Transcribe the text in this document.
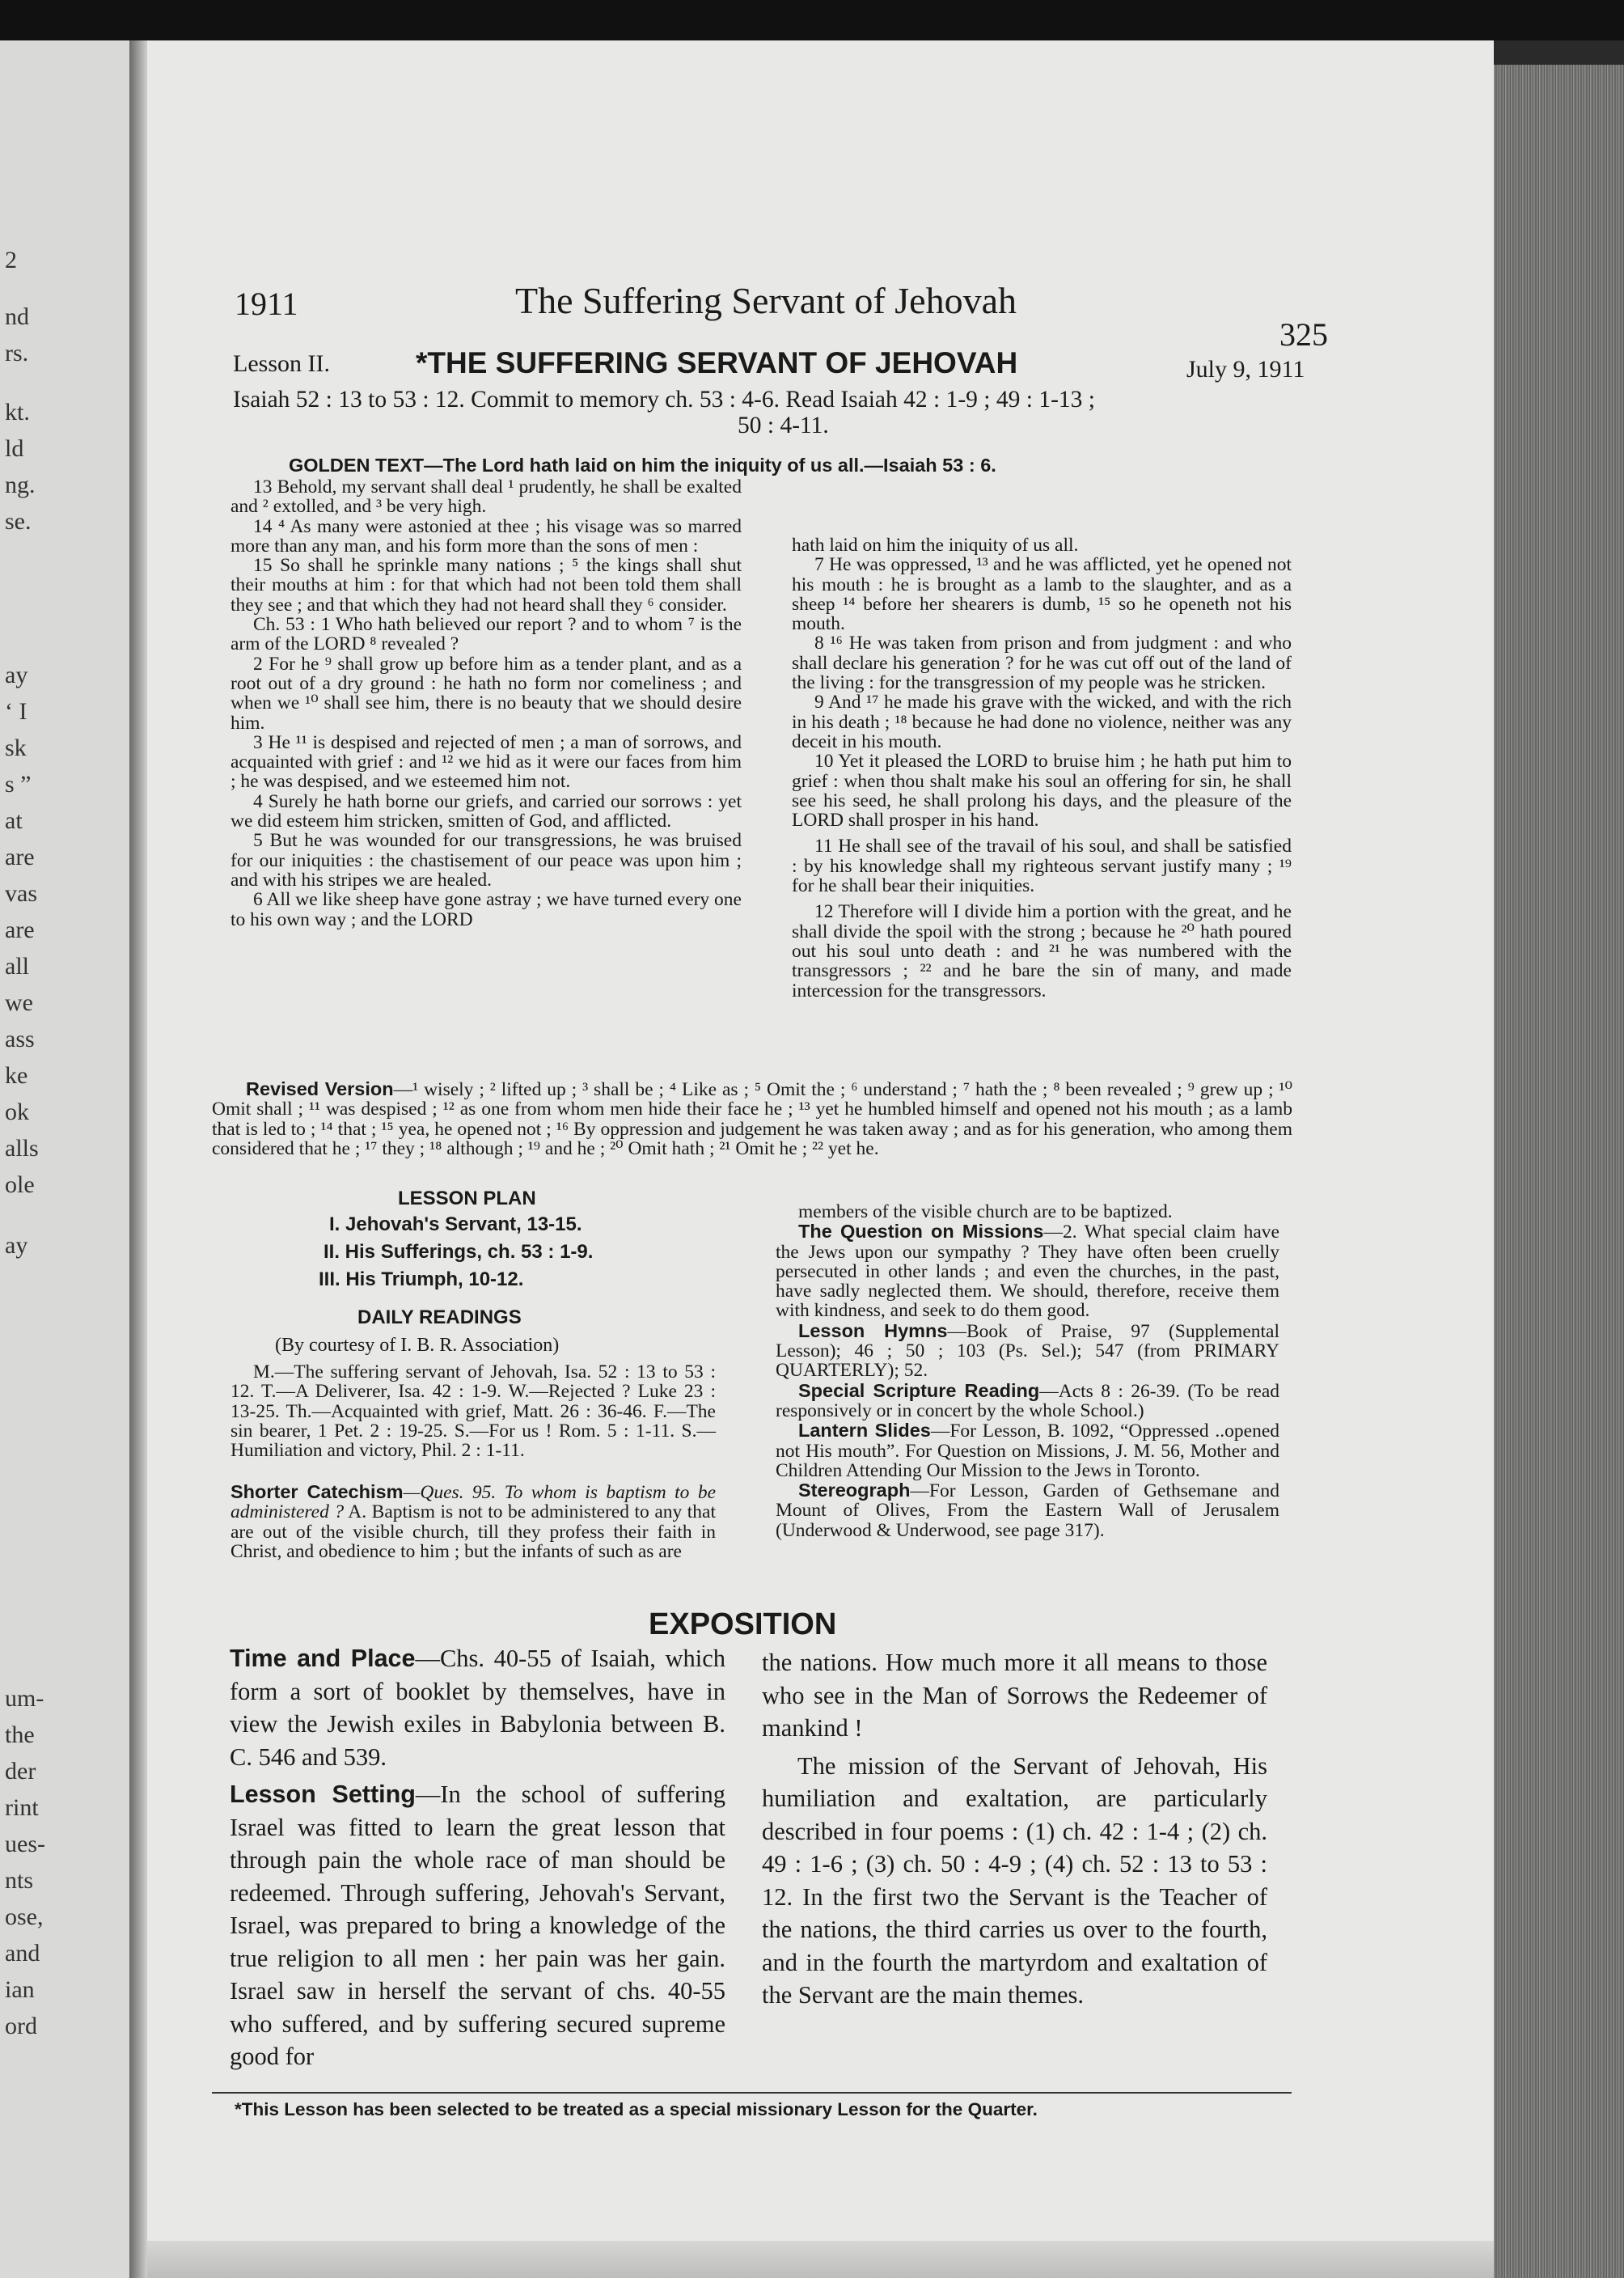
2
nd
rs.
kt.
ld
ng.
se.
ay
‘ I
sk
s ”
at
are
vas
are
all
we
ass
ke
ok
alls
ole
ay
um-
the
der
rint
ues-
nts
ose,
and
ian
ord
1911	The Suffering Servant of Jehovah
325
Lesson II.	*THE SUFFERING SERVANT OF JEHOVAH	July 9, 1911
Isaiah 52 : 13 to 53 : 12. Commit to memory ch. 53 : 4-6. Read Isaiah 42 : 1-9 ; 49 : 1-13 ;
50 : 4-11.
GOLDEN TEXT—The Lord hath laid on him the iniquity of us all.—Isaiah 53 : 6.

13 Behold, my servant shall deal ¹ prudently, he shall be exalted and ² extolled, and ³ be very high.

14 ⁴ As many were astonied at thee ; his visage was so marred more than any man, and his form more than the sons of men :

15 So shall he sprinkle many nations ; ⁵ the kings shall shut their mouths at him : for that which had not been told them shall they see ; and that which they had not heard shall they ⁶ consider.

Ch. 53 : 1 Who hath believed our report ? and to whom ⁷ is the arm of the LORD ⁸ revealed ?

2 For he ⁹ shall grow up before him as a tender plant, and as a root out of a dry ground : he hath no form nor comeliness ; and when we ¹⁰ shall see him, there is no beauty that we should desire him.

3 He ¹¹ is despised and rejected of men ; a man of sorrows, and acquainted with grief : and ¹² we hid as it were our faces from him ; he was despised, and we esteemed him not.

4 Surely he hath borne our griefs, and carried our sorrows : yet we did esteem him stricken, smitten of God, and afflicted.

5 But he was wounded for our transgressions, he was bruised for our iniquities : the chastisement of our peace was upon him ; and with his stripes we are healed.

6 All we like sheep have gone astray ; we have turned every one to his own way ; and the LORD

hath laid on him the iniquity of us all.

7 He was oppressed, ¹³ and he was afflicted, yet he opened not his mouth : he is brought as a lamb to the slaughter, and as a sheep ¹⁴ before her shearers is dumb, ¹⁵ so he openeth not his mouth.

8 ¹⁶ He was taken from prison and from judgment : and who shall declare his generation ? for he was cut off out of the land of the living : for the transgression of my people was he stricken.

9 And ¹⁷ he made his grave with the wicked, and with the rich in his death ; ¹⁸ because he had done no violence, neither was any deceit in his mouth.

10 Yet it pleased the LORD to bruise him ; he hath put him to grief : when thou shalt make his soul an offering for sin, he shall see his seed, he shall prolong his days, and the pleasure of the LORD shall prosper in his hand.

11 He shall see of the travail of his soul, and shall be satisfied : by his knowledge shall my righteous servant justify many ; ¹⁹ for he shall bear their iniquities.

12 Therefore will I divide him a portion with the great, and he shall divide the spoil with the strong ; because he ²⁰ hath poured out his soul unto death : and ²¹ he was numbered with the transgressors ; ²² and he bare the sin of many, and made intercession for the transgressors.

Revised Version—¹ wisely ; ² lifted up ; ³ shall be ; ⁴ Like as ; ⁵ Omit the ; ⁶ understand ; ⁷ hath the ; ⁸ been revealed ; ⁹ grew up ; ¹⁰ Omit shall ; ¹¹ was despised ; ¹² as one from whom men hide their face he ; ¹³ yet he humbled himself and opened not his mouth ; as a lamb that is led to ; ¹⁴ that ; ¹⁵ yea, he opened not ; ¹⁶ By oppression and judgement he was taken away ; and as for his generation, who among them considered that he ; ¹⁷ they ; ¹⁸ although ; ¹⁹ and he ; ²⁰ Omit hath ; ²¹ Omit he ; ²² yet he.

LESSON PLAN
I. Jehovah's Servant, 13-15.
II. His Sufferings, ch. 53 : 1-9.
III. His Triumph, 10-12.
DAILY READINGS
(By courtesy of I. B. R. Association)

M.—The suffering servant of Jehovah, Isa. 52 : 13 to 53 : 12. T.—A Deliverer, Isa. 42 : 1-9. W.—Rejected ? Luke 23 : 13-25. Th.—Acquainted with grief, Matt. 26 : 36-46. F.—The sin bearer, 1 Pet. 2 : 19-25. S.—For us ! Rom. 5 : 1-11. S.—Humiliation and victory, Phil. 2 : 1-11.

Shorter Catechism—Ques. 95. To whom is baptism to be administered ? A. Baptism is not to be administered to any that are out of the visible church, till they profess their faith in Christ, and obedience to him ; but the infants of such as are

members of the visible church are to be baptized.

The Question on Missions—2. What special claim have the Jews upon our sympathy ? They have often been cruelly persecuted in other lands ; and even the churches, in the past, have sadly neglected them. We should, therefore, receive them with kindness, and seek to do them good.

Lesson Hymns—Book of Praise, 97 (Supplemental Lesson); 46 ; 50 ; 103 (Ps. Sel.); 547 (from PRIMARY QUARTERLY); 52.

Special Scripture Reading—Acts 8 : 26-39. (To be read responsively or in concert by the whole School.)

Lantern Slides—For Lesson, B. 1092, “Oppressed ..opened not His mouth”. For Question on Missions, J. M. 56, Mother and Children Attending Our Mission to the Jews in Toronto.

Stereograph—For Lesson, Garden of Gethsemane and Mount of Olives, From the Eastern Wall of Jerusalem (Underwood & Underwood, see page 317).

EXPOSITION

Time and Place—Chs. 40-55 of Isaiah, which form a sort of booklet by themselves, have in view the Jewish exiles in Babylonia between B. C. 546 and 539.

Lesson Setting—In the school of suffering Israel was fitted to learn the great lesson that through pain the whole race of man should be redeemed. Through suffering, Jehovah's Servant, Israel, was prepared to bring a knowledge of the true religion to all men : her pain was her gain. Israel saw in herself the servant of chs. 40-55 who suffered, and by suffering secured supreme good for

the nations. How much more it all means to those who see in the Man of Sorrows the Redeemer of mankind !

The mission of the Servant of Jehovah, His humiliation and exaltation, are particularly described in four poems : (1) ch. 42 : 1-4 ; (2) ch. 49 : 1-6 ; (3) ch. 50 : 4-9 ; (4) ch. 52 : 13 to 53 : 12. In the first two the Servant is the Teacher of the nations, the third carries us over to the fourth, and in the fourth the martyrdom and exaltation of the Servant are the main themes.

*This Lesson has been selected to be treated as a special missionary Lesson for the Quarter.
